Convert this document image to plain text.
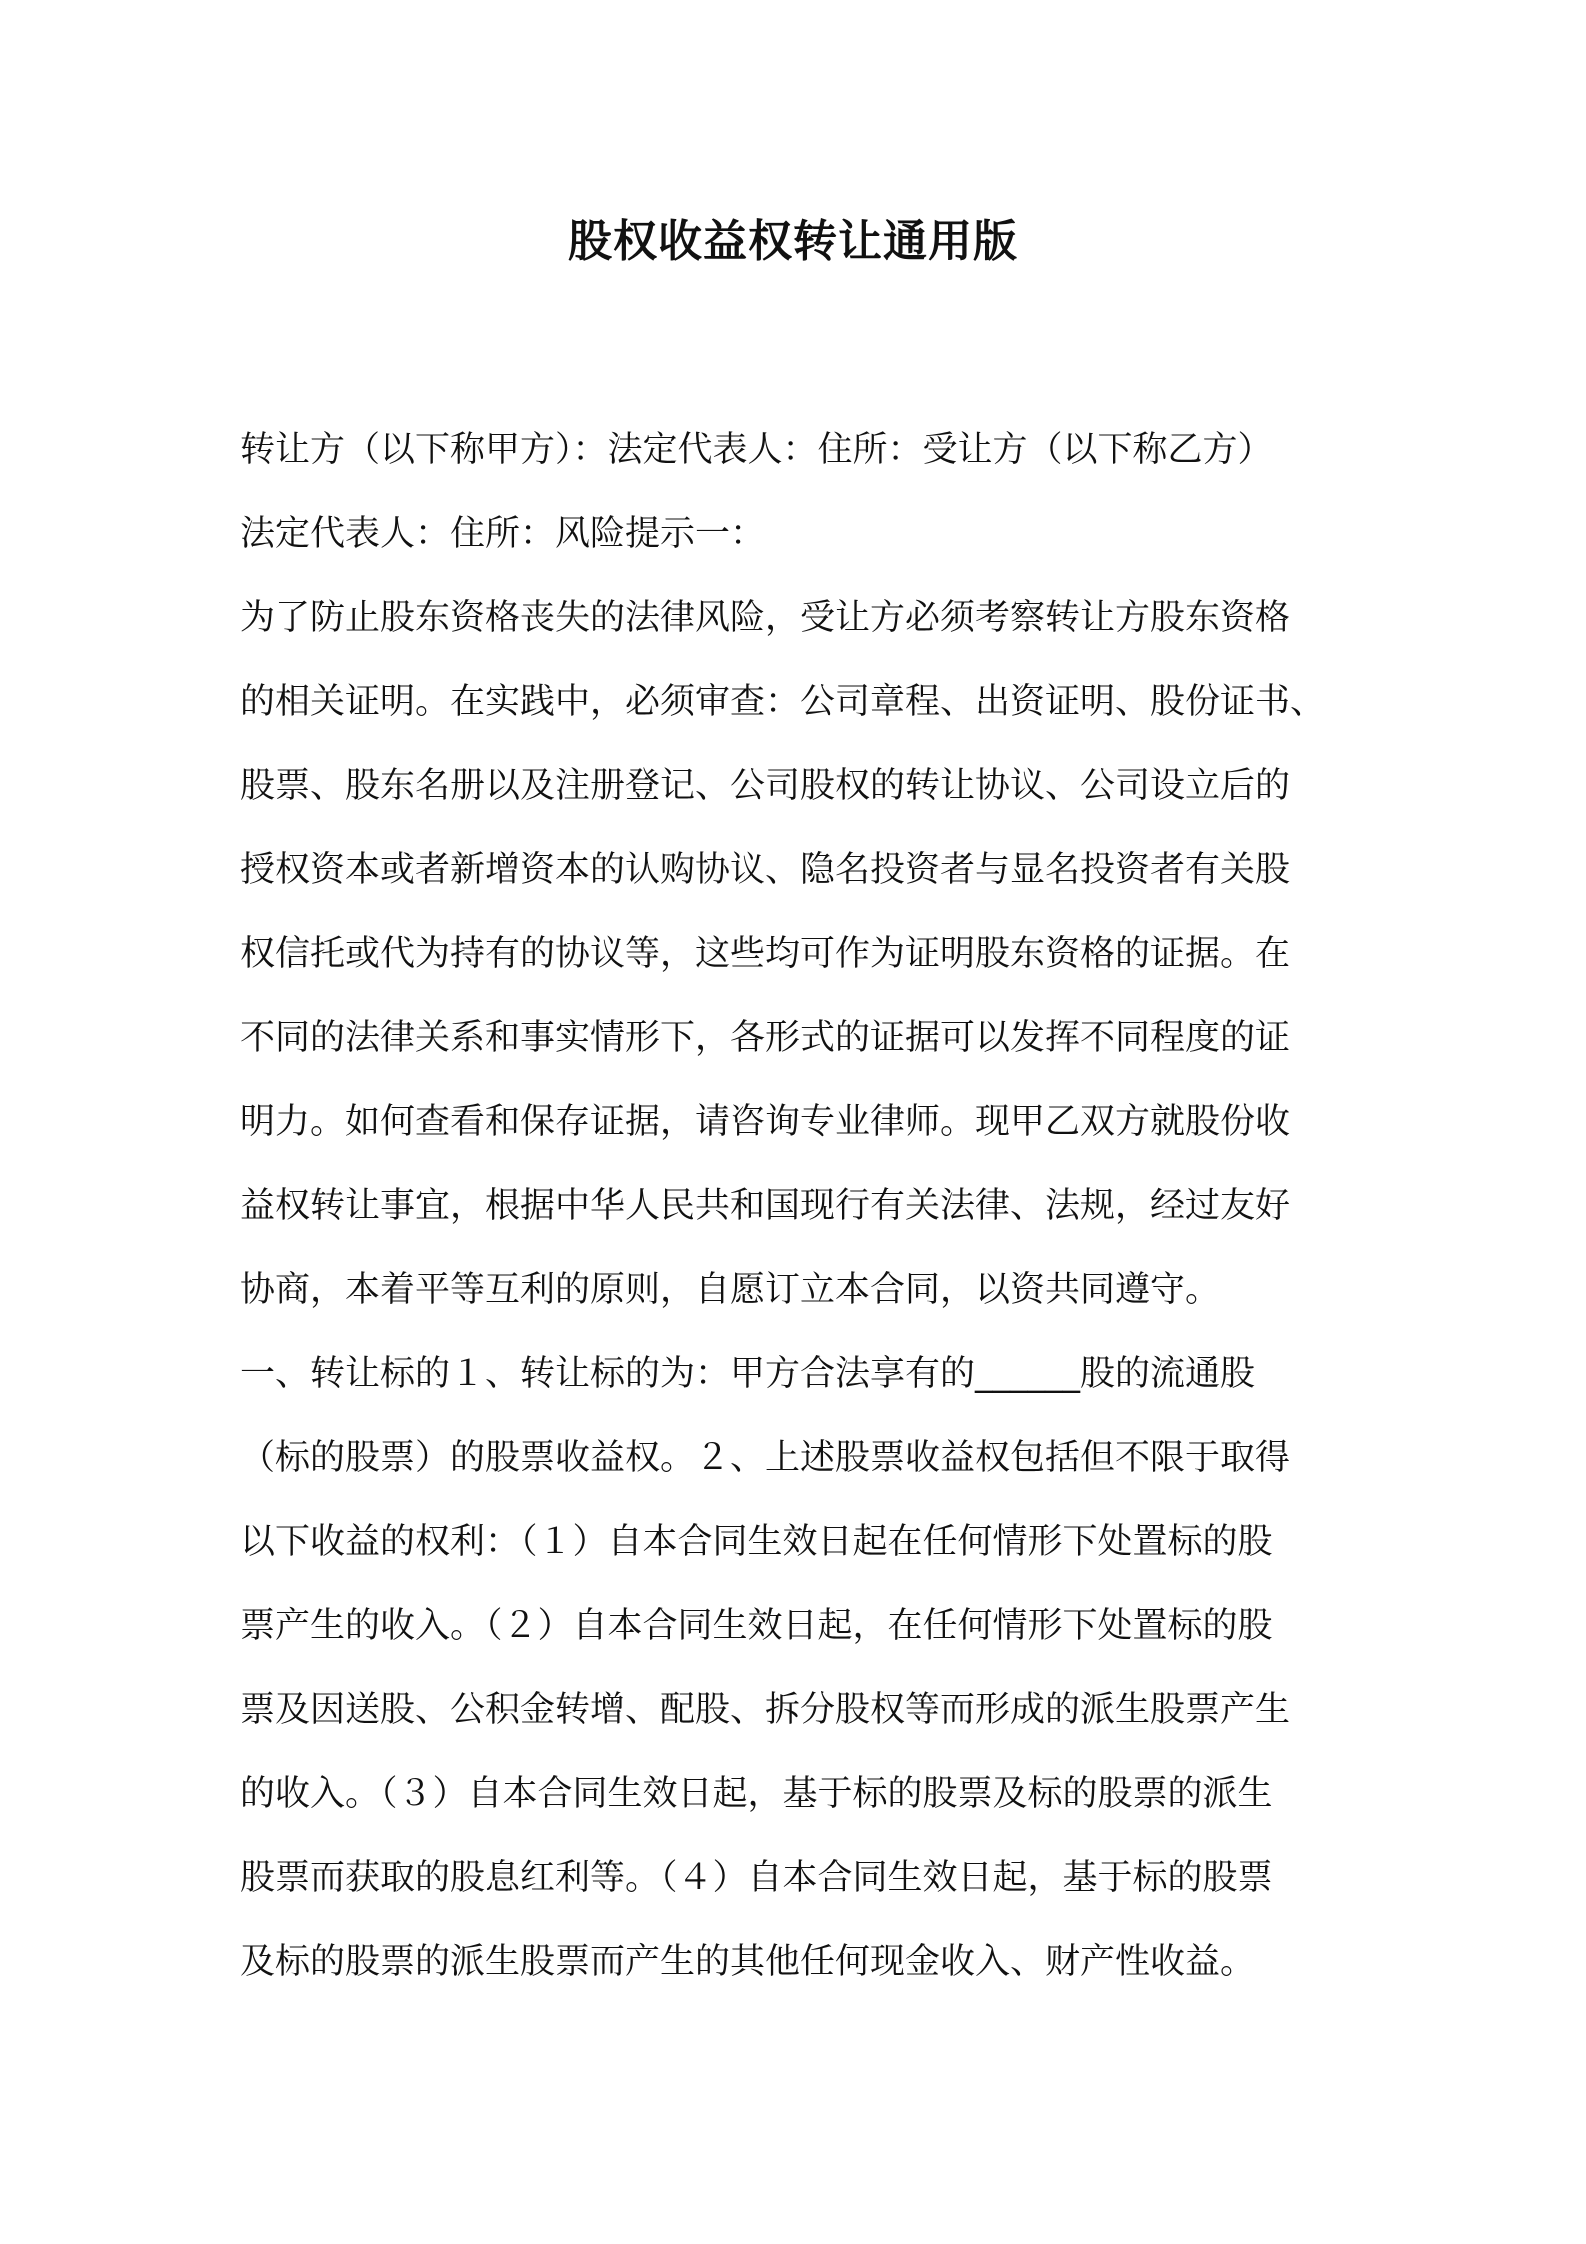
股权收益权转让通用版
转让方（以下称甲方）：法定代表人：住所：受让方（以下称乙方）
法定代表人：住所：风险提示一：
为了防止股东资格丧失的法律风险，受让方必须考察转让方股东资格
的相关证明。在实践中，必须审查：公司章程、出资证明、股份证书、
股票、股东名册以及注册登记、公司股权的转让协议、公司设立后的
授权资本或者新增资本的认购协议、隐名投资者与显名投资者有关股
权信托或代为持有的协议等，这些均可作为证明股东资格的证据。在
不同的法律关系和事实情形下，各形式的证据可以发挥不同程度的证
明力。如何查看和保存证据，请咨询专业律师。现甲乙双方就股份收
益权转让事宜，根据中华人民共和国现行有关法律、法规，经过友好
协商，本着平等互利的原则，自愿订立本合同，以资共同遵守。
一、转让标的１、转让标的为：甲方合法享有的______股的流通股
（标的股票）的股票收益权。２、上述股票收益权包括但不限于取得
以下收益的权利：（１）自本合同生效日起在任何情形下处置标的股
票产生的收入。（２）自本合同生效日起，在任何情形下处置标的股
票及因送股、公积金转增、配股、拆分股权等而形成的派生股票产生
的收入。（３）自本合同生效日起，基于标的股票及标的股票的派生
股票而获取的股息红利等。（４）自本合同生效日起，基于标的股票
及标的股票的派生股票而产生的其他任何现金收入、财产性收益。
